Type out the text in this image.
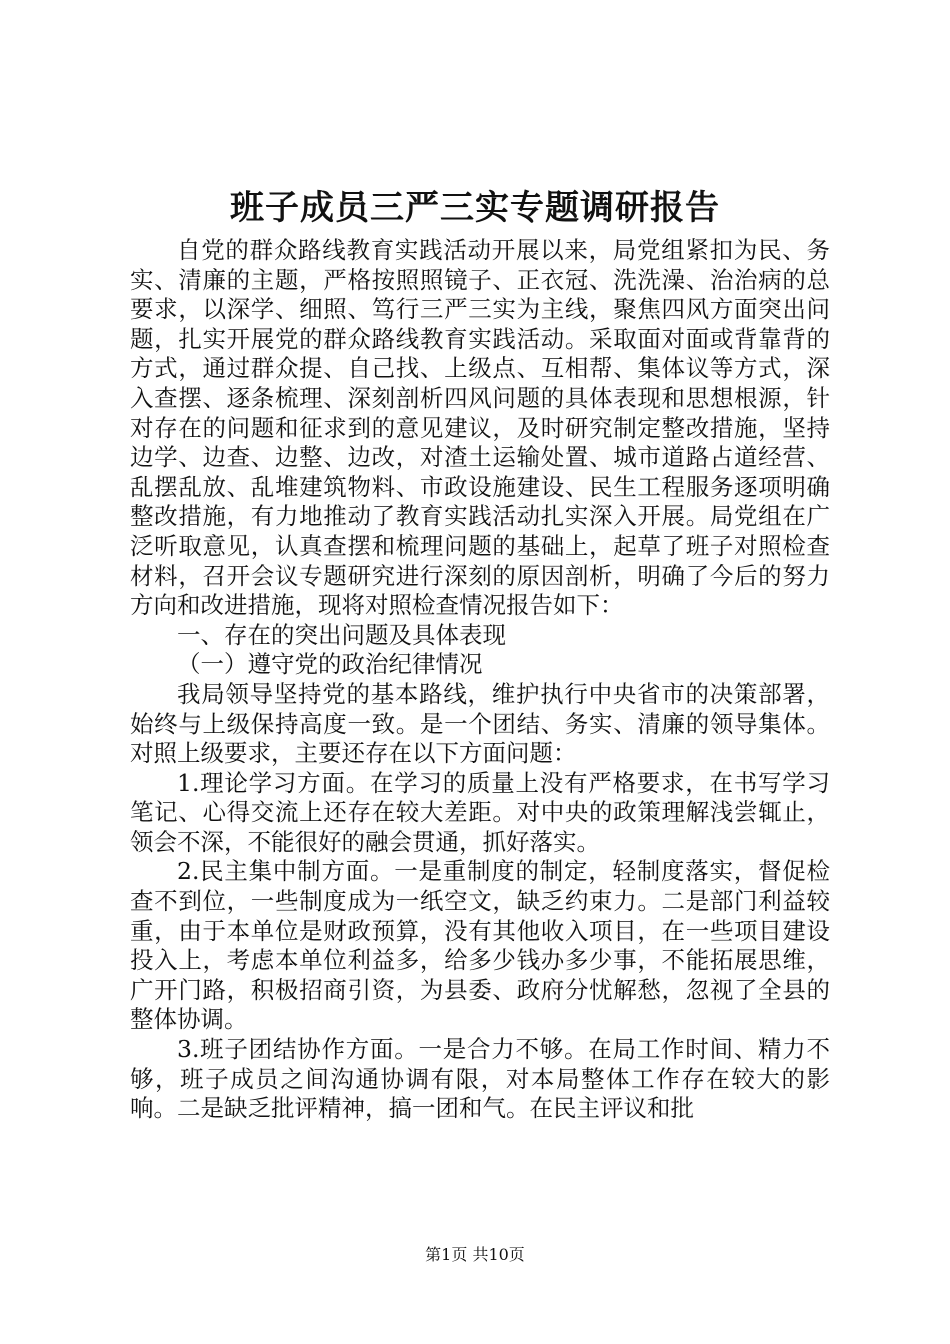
班子成员三严三实专题调研报告

自党的群众路线教育实践活动开展以来，局党组紧扣为民、务实、清廉的主题，严格按照照镜子、正衣冠、洗洗澡、治治病的总要求，以深学、细照、笃行三严三实为主线，聚焦四风方面突出问题，扎实开展党的群众路线教育实践活动。采取面对面或背靠背的方式，通过群众提、自己找、上级点、互相帮、集体议等方式，深入查摆、逐条梳理、深刻剖析四风问题的具体表现和思想根源，针对存在的问题和征求到的意见建议，及时研究制定整改措施，坚持边学、边查、边整、边改，对渣土运输处置、城市道路占道经营、乱摆乱放、乱堆建筑物料、市政设施建设、民生工程服务逐项明确整改措施，有力地推动了教育实践活动扎实深入开展。局党组在广泛听取意见，认真查摆和梳理问题的基础上，起草了班子对照检查材料，召开会议专题研究进行深刻的原因剖析，明确了今后的努力方向和改进措施，现将对照检查情况报告如下：

一、存在的突出问题及具体表现

（一）遵守党的政治纪律情况

我局领导坚持党的基本路线，维护执行中央省市的决策部署，始终与上级保持高度一致。是一个团结、务实、清廉的领导集体。对照上级要求，主要还存在以下方面问题：

1.理论学习方面。在学习的质量上没有严格要求，在书写学习笔记、心得交流上还存在较大差距。对中央的政策理解浅尝辄止，领会不深，不能很好的融会贯通，抓好落实。

2.民主集中制方面。一是重制度的制定，轻制度落实，督促检查不到位，一些制度成为一纸空文，缺乏约束力。二是部门利益较重，由于本单位是财政预算，没有其他收入项目，在一些项目建设投入上，考虑本单位利益多，给多少钱办多少事，不能拓展思维，广开门路，积极招商引资，为县委、政府分忧解愁，忽视了全县的整体协调。

3.班子团结协作方面。一是合力不够。在局工作时间、精力不够，班子成员之间沟通协调有限，对本局整体工作存在较大的影响。二是缺乏批评精神，搞一团和气。在民主评议和批

第1页 共10页
